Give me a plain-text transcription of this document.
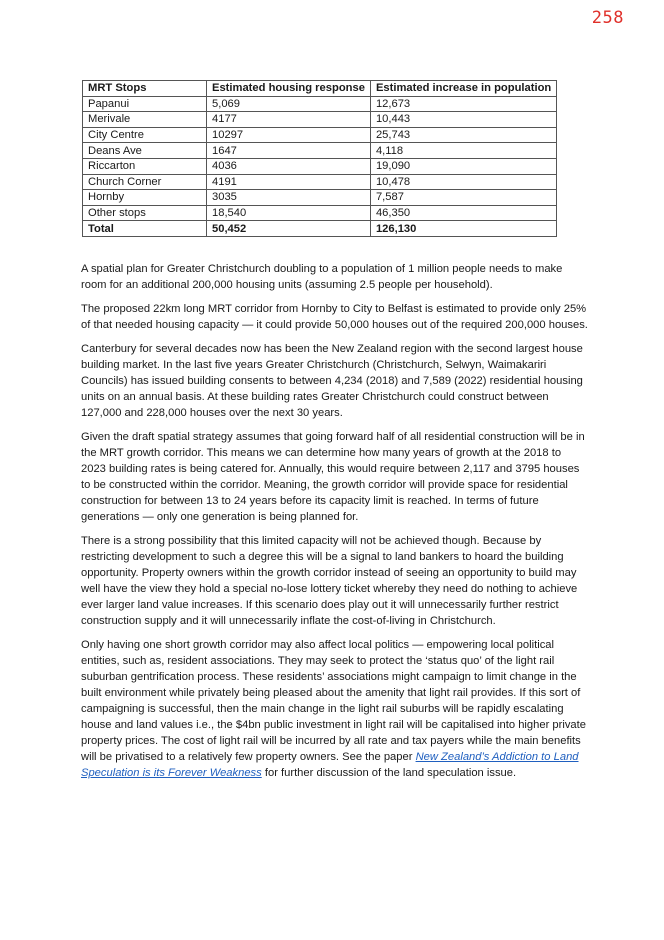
258
MRT Stops	Estimated housing response	Estimated increase in population
Papanui	5,069	12,673
Merivale	4177	10,443
City Centre	10297	25,743
Deans Ave	1647	4,118
Riccarton	4036	19,090
Church Corner	4191	10,478
Hornby	3035	7,587
Other stops	18,540	46,350
Total	50,452	126,130

A spatial plan for Greater Christchurch doubling to a population of 1 million people needs to make room for an additional 200,000 housing units (assuming 2.5 people per household).

The proposed 22km long MRT corridor from Hornby to City to Belfast is estimated to provide only 25% of that needed housing capacity — it could provide 50,000 houses out of the required 200,000 houses.

Canterbury for several decades now has been the New Zealand region with the second largest house building market. In the last five years Greater Christchurch (Christchurch, Selwyn, Waimakariri Councils) has issued building consents to between 4,234 (2018) and 7,589 (2022) residential housing units on an annual basis. At these building rates Greater Christchurch could construct between 127,000 and 228,000 houses over the next 30 years.

Given the draft spatial strategy assumes that going forward half of all residential construction will be in the MRT growth corridor. This means we can determine how many years of growth at the 2018 to 2023 building rates is being catered for. Annually, this would require between 2,117 and 3795 houses to be constructed within the corridor. Meaning, the growth corridor will provide space for residential construction for between 13 to 24 years before its capacity limit is reached. In terms of future generations — only one generation is being planned for.

There is a strong possibility that this limited capacity will not be achieved though. Because by restricting development to such a degree this will be a signal to land bankers to hoard the building opportunity. Property owners within the growth corridor instead of seeing an opportunity to build may well have the view they hold a special no-lose lottery ticket whereby they need do nothing to achieve ever larger land value increases. If this scenario does play out it will unnecessarily further restrict construction supply and it will unnecessarily inflate the cost-of-living in Christchurch.

Only having one short growth corridor may also affect local politics — empowering local political entities, such as, resident associations. They may seek to protect the ‘status quo’ of the light rail suburban gentrification process. These residents’ associations might campaign to limit change in the built environment while privately being pleased about the amenity that light rail provides. If this sort of campaigning is successful, then the main change in the light rail suburbs will be rapidly escalating house and land values i.e., the $4bn public investment in light rail will be capitalised into higher private property prices. The cost of light rail will be incurred by all rate and tax payers while the main benefits will be privatised to a relatively few property owners. See the paper New Zealand’s Addiction to Land Speculation is its Forever Weakness for further discussion of the land speculation issue.
